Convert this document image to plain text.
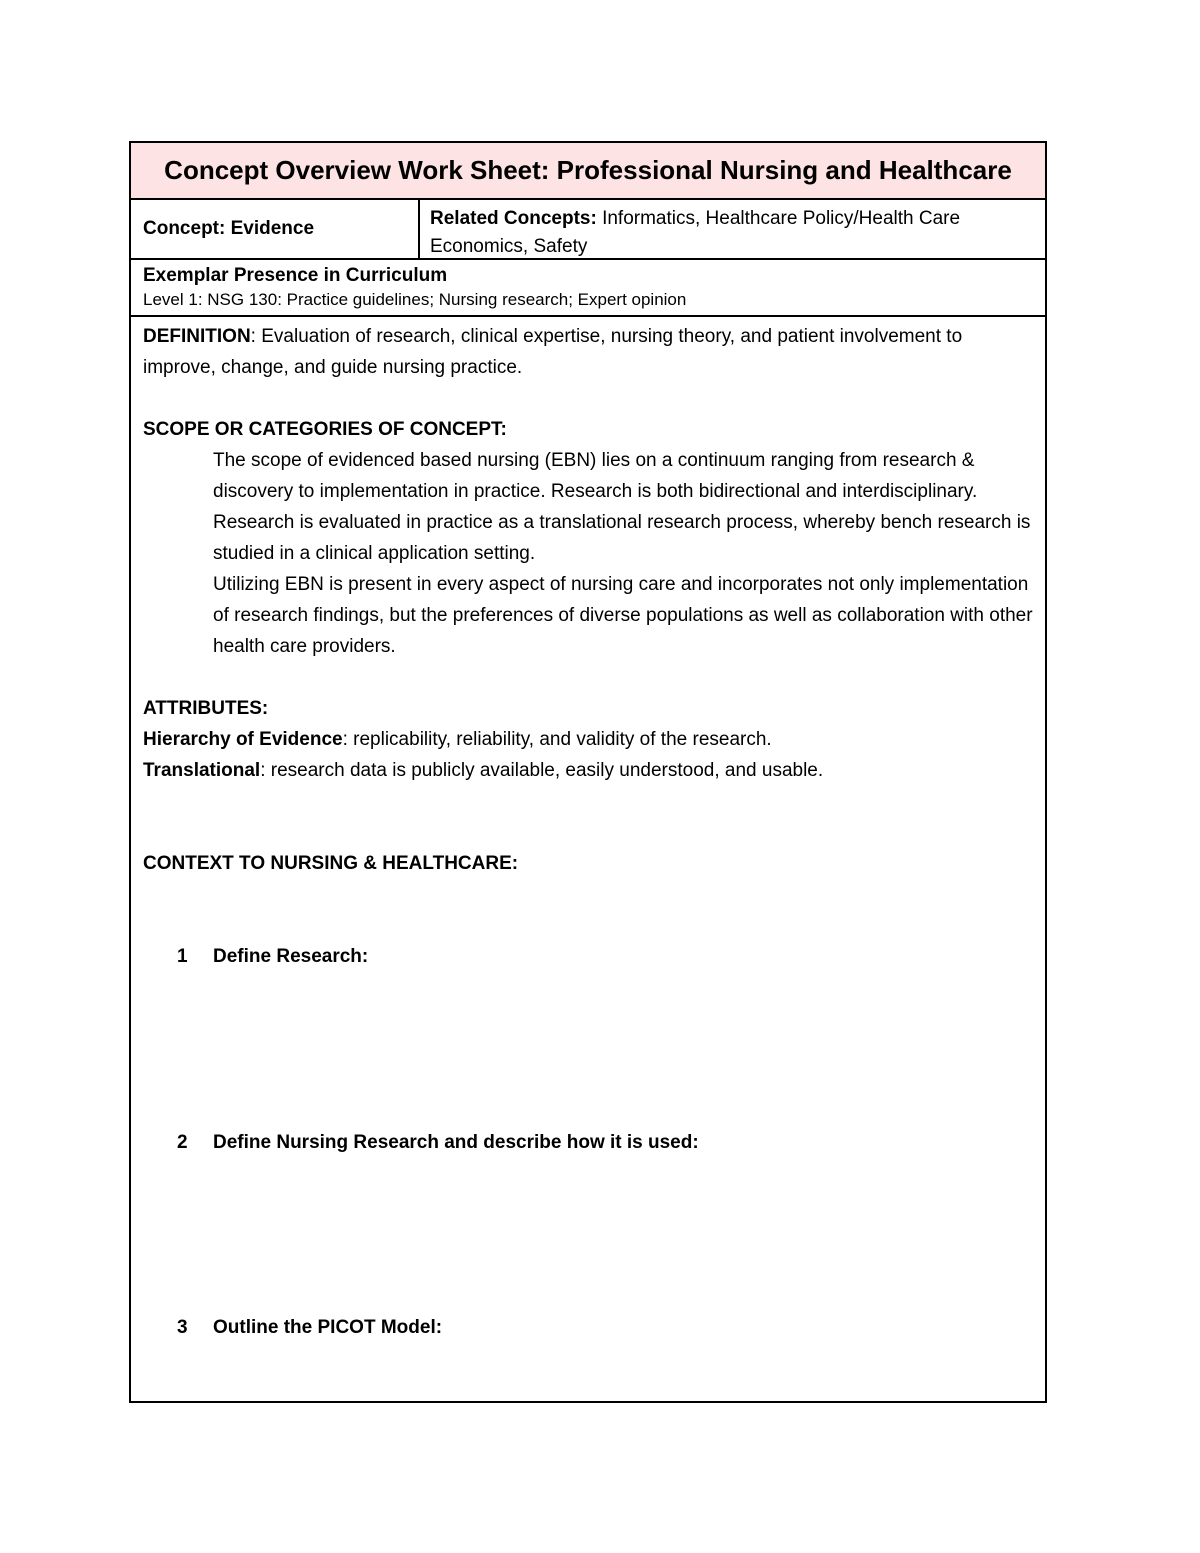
Concept Overview Work Sheet: Professional Nursing and Healthcare
Concept: Evidence	Related Concepts: Informatics, Healthcare Policy/Health Care Economics, Safety
Exemplar Presence in Curriculum
Level 1: NSG 130: Practice guidelines; Nursing research; Expert opinion
DEFINITION: Evaluation of research, clinical expertise, nursing theory, and patient involvement to improve, change, and guide nursing practice.
SCOPE OR CATEGORIES OF CONCEPT:
The scope of evidenced based nursing (EBN) lies on a continuum ranging from research & discovery to implementation in practice. Research is both bidirectional and interdisciplinary. Research is evaluated in practice as a translational research process, whereby bench research is studied in a clinical application setting.
Utilizing EBN is present in every aspect of nursing care and incorporates not only implementation of research findings, but the preferences of diverse populations as well as collaboration with other health care providers.
ATTRIBUTES:
Hierarchy of Evidence: replicability, reliability, and validity of the research.
Translational: research data is publicly available, easily understood, and usable.
CONTEXT TO NURSING & HEALTHCARE:
1	Define Research:
2	Define Nursing Research and describe how it is used:
3	Outline the PICOT Model:
